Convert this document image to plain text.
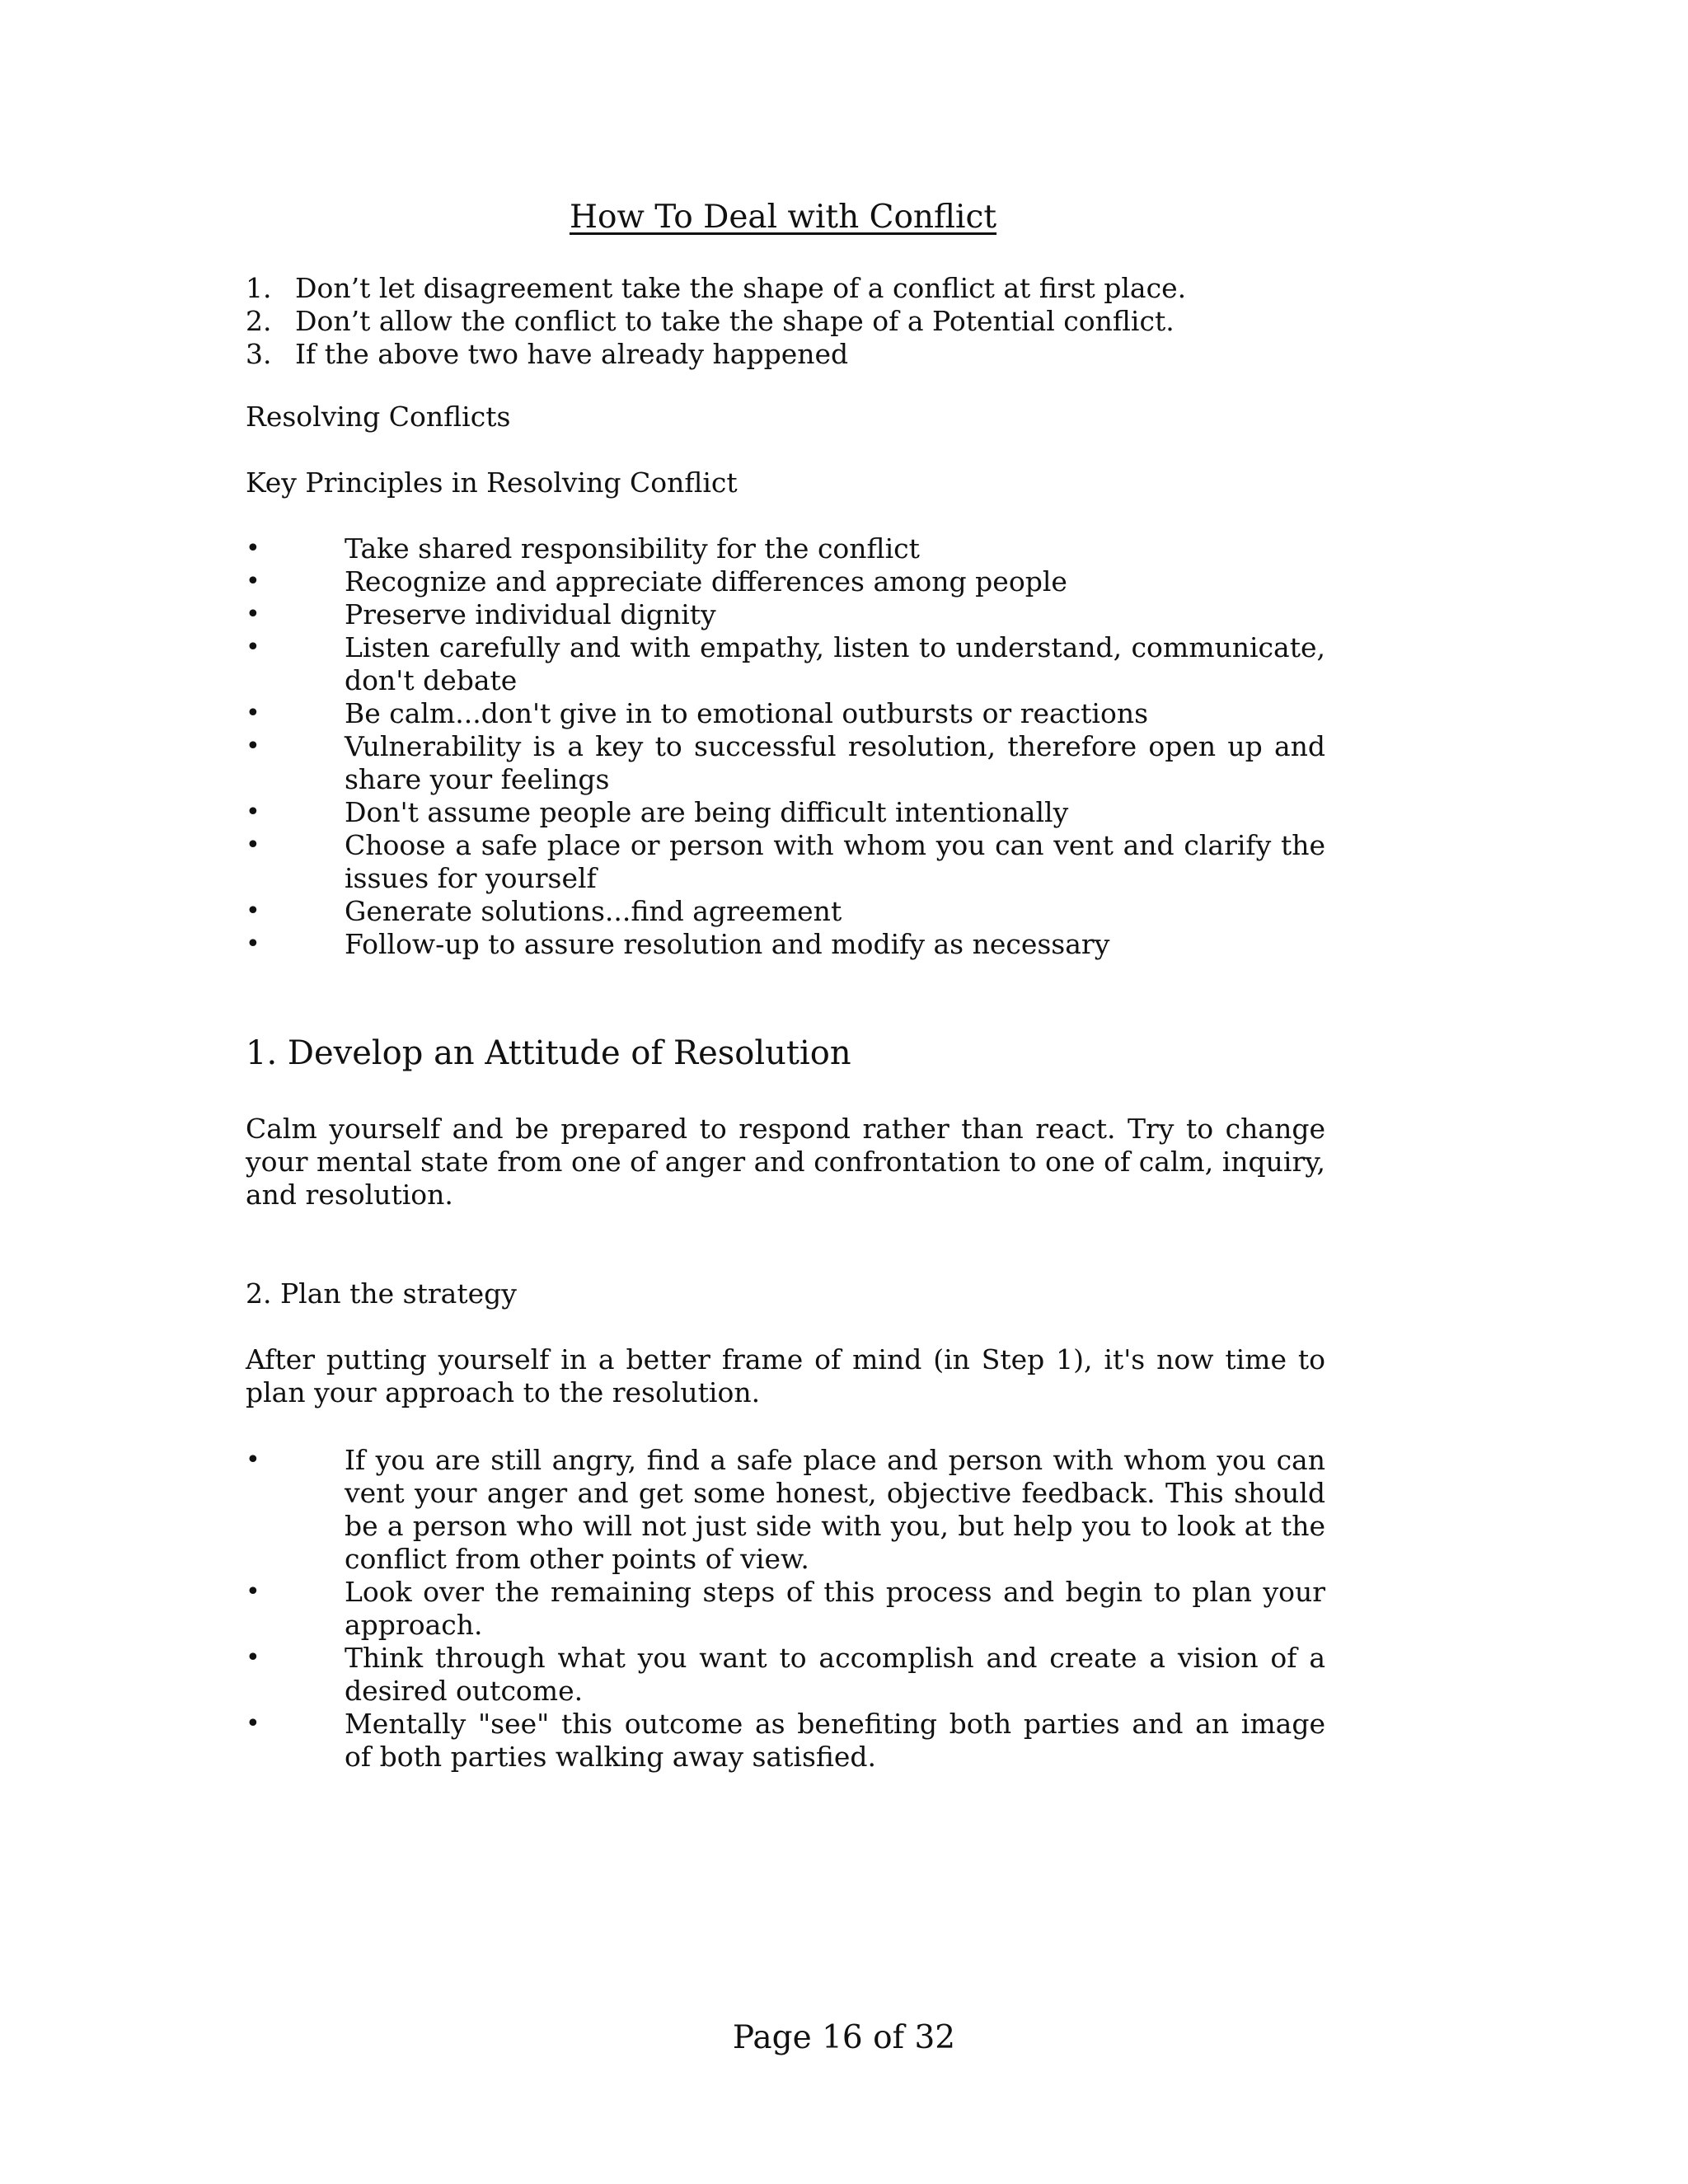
How To Deal with Conflict
1. Don’t let disagreement take the shape of a conflict at first place.
2. Don’t allow the conflict to take the shape of a Potential conflict.
3. If the above two have already happened
Resolving Conflicts
Key Principles in Resolving Conflict
•	Take shared responsibility for the conflict
•	Recognize and appreciate differences among people
•	Preserve individual dignity
•	Listen carefully and with empathy, listen to understand, communicate, don't debate
•	Be calm...don't give in to emotional outbursts or reactions
•	Vulnerability is a key to successful resolution, therefore open up and share your feelings
•	Don't assume people are being difficult intentionally
•	Choose a safe place or person with whom you can vent and clarify the issues for yourself
•	Generate solutions...find agreement
•	Follow-up to assure resolution and modify as necessary
1. Develop an Attitude of Resolution
Calm yourself and be prepared to respond rather than react. Try to change your mental state from one of anger and confrontation to one of calm, inquiry, and resolution.
2. Plan the strategy
After putting yourself in a better frame of mind (in Step 1), it's now time to plan your approach to the resolution.
•	If you are still angry, find a safe place and person with whom you can vent your anger and get some honest, objective feedback. This should be a person who will not just side with you, but help you to look at the conflict from other points of view.
•	Look over the remaining steps of this process and begin to plan your approach.
•	Think through what you want to accomplish and create a vision of a desired outcome.
•	Mentally "see" this outcome as benefiting both parties and an image of both parties walking away satisfied.
Page 16 of 32
